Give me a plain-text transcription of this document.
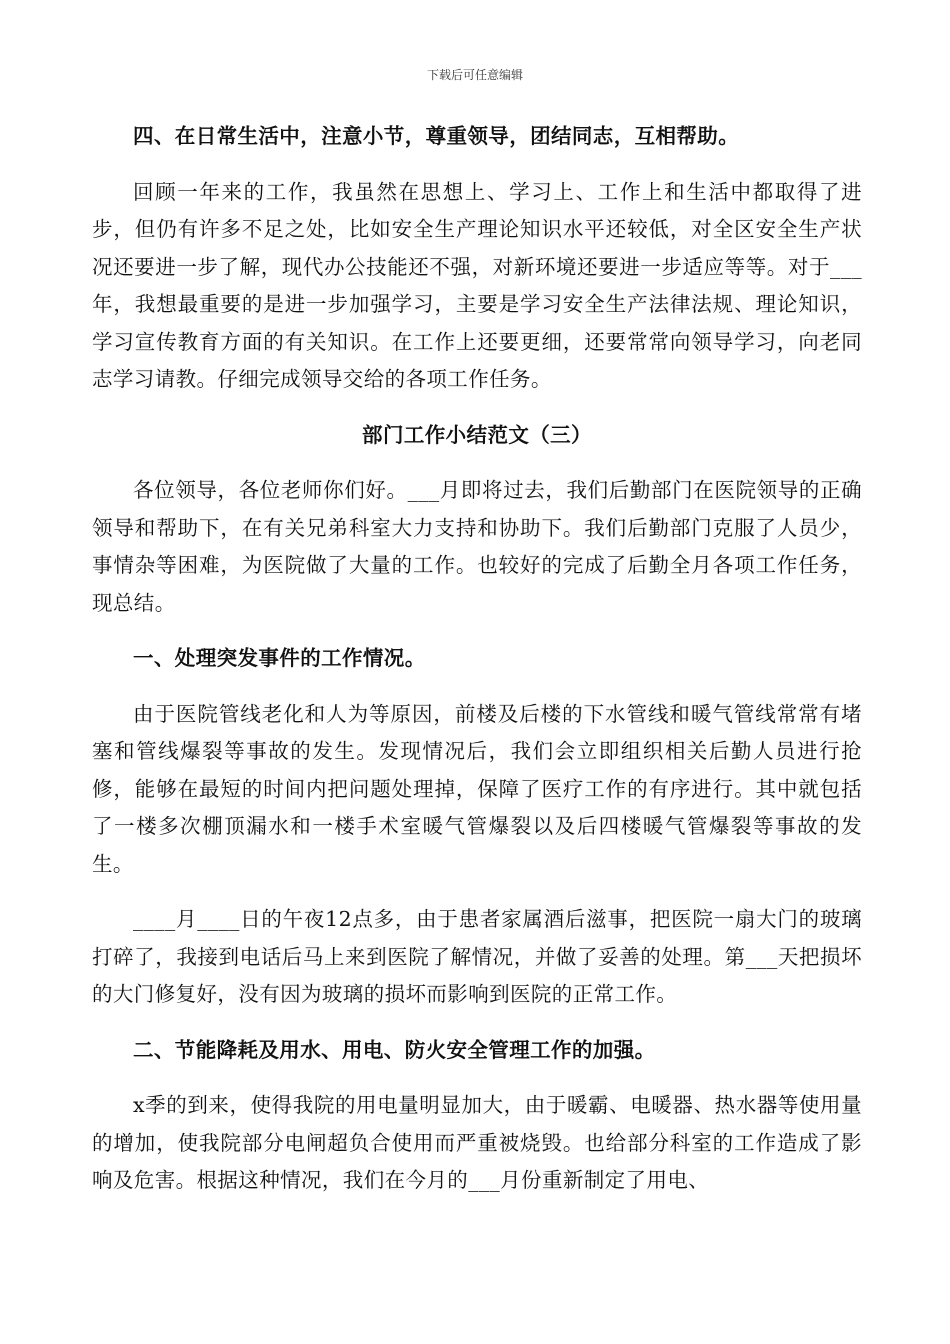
下载后可任意编辑
四、在日常生活中，注意小节，尊重领导，团结同志，互相帮助。
回顾一年来的工作，我虽然在思想上、学习上、工作上和生活中都取得了进步，但仍有许多不足之处，比如安全生产理论知识水平还较低，对全区安全生产状况还要进一步了解，现代办公技能还不强，对新环境还要进一步适应等等。对于___年，我想最重要的是进一步加强学习，主要是学习安全生产法律法规、理论知识，学习宣传教育方面的有关知识。在工作上还要更细，还要常常向领导学习，向老同志学习请教。仔细完成领导交给的各项工作任务。
部门工作小结范文（三）
各位领导，各位老师你们好。___月即将过去，我们后勤部门在医院领导的正确领导和帮助下，在有关兄弟科室大力支持和协助下。我们后勤部门克服了人员少，事情杂等困难，为医院做了大量的工作。也较好的完成了后勤全月各项工作任务，现总结。
一、处理突发事件的工作情况。
由于医院管线老化和人为等原因，前楼及后楼的下水管线和暖气管线常常有堵塞和管线爆裂等事故的发生。发现情况后，我们会立即组织相关后勤人员进行抢修，能够在最短的时间内把问题处理掉，保障了医疗工作的有序进行。其中就包括了一楼多次棚顶漏水和一楼手术室暖气管爆裂以及后四楼暖气管爆裂等事故的发生。
____月____日的午夜12点多，由于患者家属酒后滋事，把医院一扇大门的玻璃打碎了，我接到电话后马上来到医院了解情况，并做了妥善的处理。第___天把损坏的大门修复好，没有因为玻璃的损坏而影响到医院的正常工作。
二、节能降耗及用水、用电、防火安全管理工作的加强。
x季的到来，使得我院的用电量明显加大，由于暖霸、电暖器、热水器等使用量的增加，使我院部分电闸超负合使用而严重被烧毁。也给部分科室的工作造成了影响及危害。根据这种情况，我们在今月的___月份重新制定了用电、
